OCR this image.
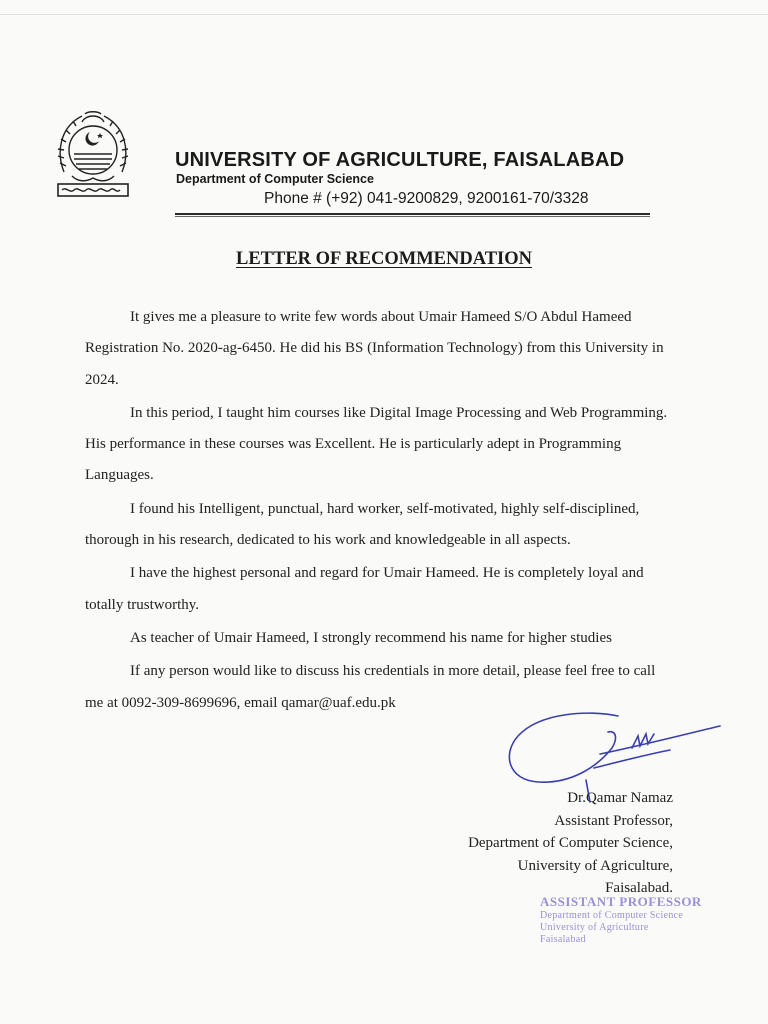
UNIVERSITY OF AGRICULTURE, FAISALABAD
Department of Computer Science
Phone # (+92) 041-9200829, 9200161-70/3328
LETTER OF RECOMMENDATION

It gives me a pleasure to write few words about Umair Hameed S/O Abdul Hameed Registration No. 2020-ag-6450. He did his BS (Information Technology) from this University in 2024.

In this period, I taught him courses like Digital Image Processing and Web Programming. His performance in these courses was Excellent. He is particularly adept in Programming Languages.

I found his Intelligent, punctual, hard worker, self-motivated, highly self-disciplined, thorough in his research, dedicated to his work and knowledgeable in all aspects.

I have the highest personal and regard for Umair Hameed. He is completely loyal and totally trustworthy.

As teacher of Umair Hameed, I strongly recommend his name for higher studies

If any person would like to discuss his credentials in more detail, please feel free to call me at 0092-309-8699696, email qamar@uaf.edu.pk

Dr.Qamar Namaz
Assistant Professor,
Department of Computer Science,
University of Agriculture,
Faisalabad.
ASSISTANT PROFESSOR
Department of Computer Science
University of Agriculture
Faisalabad
